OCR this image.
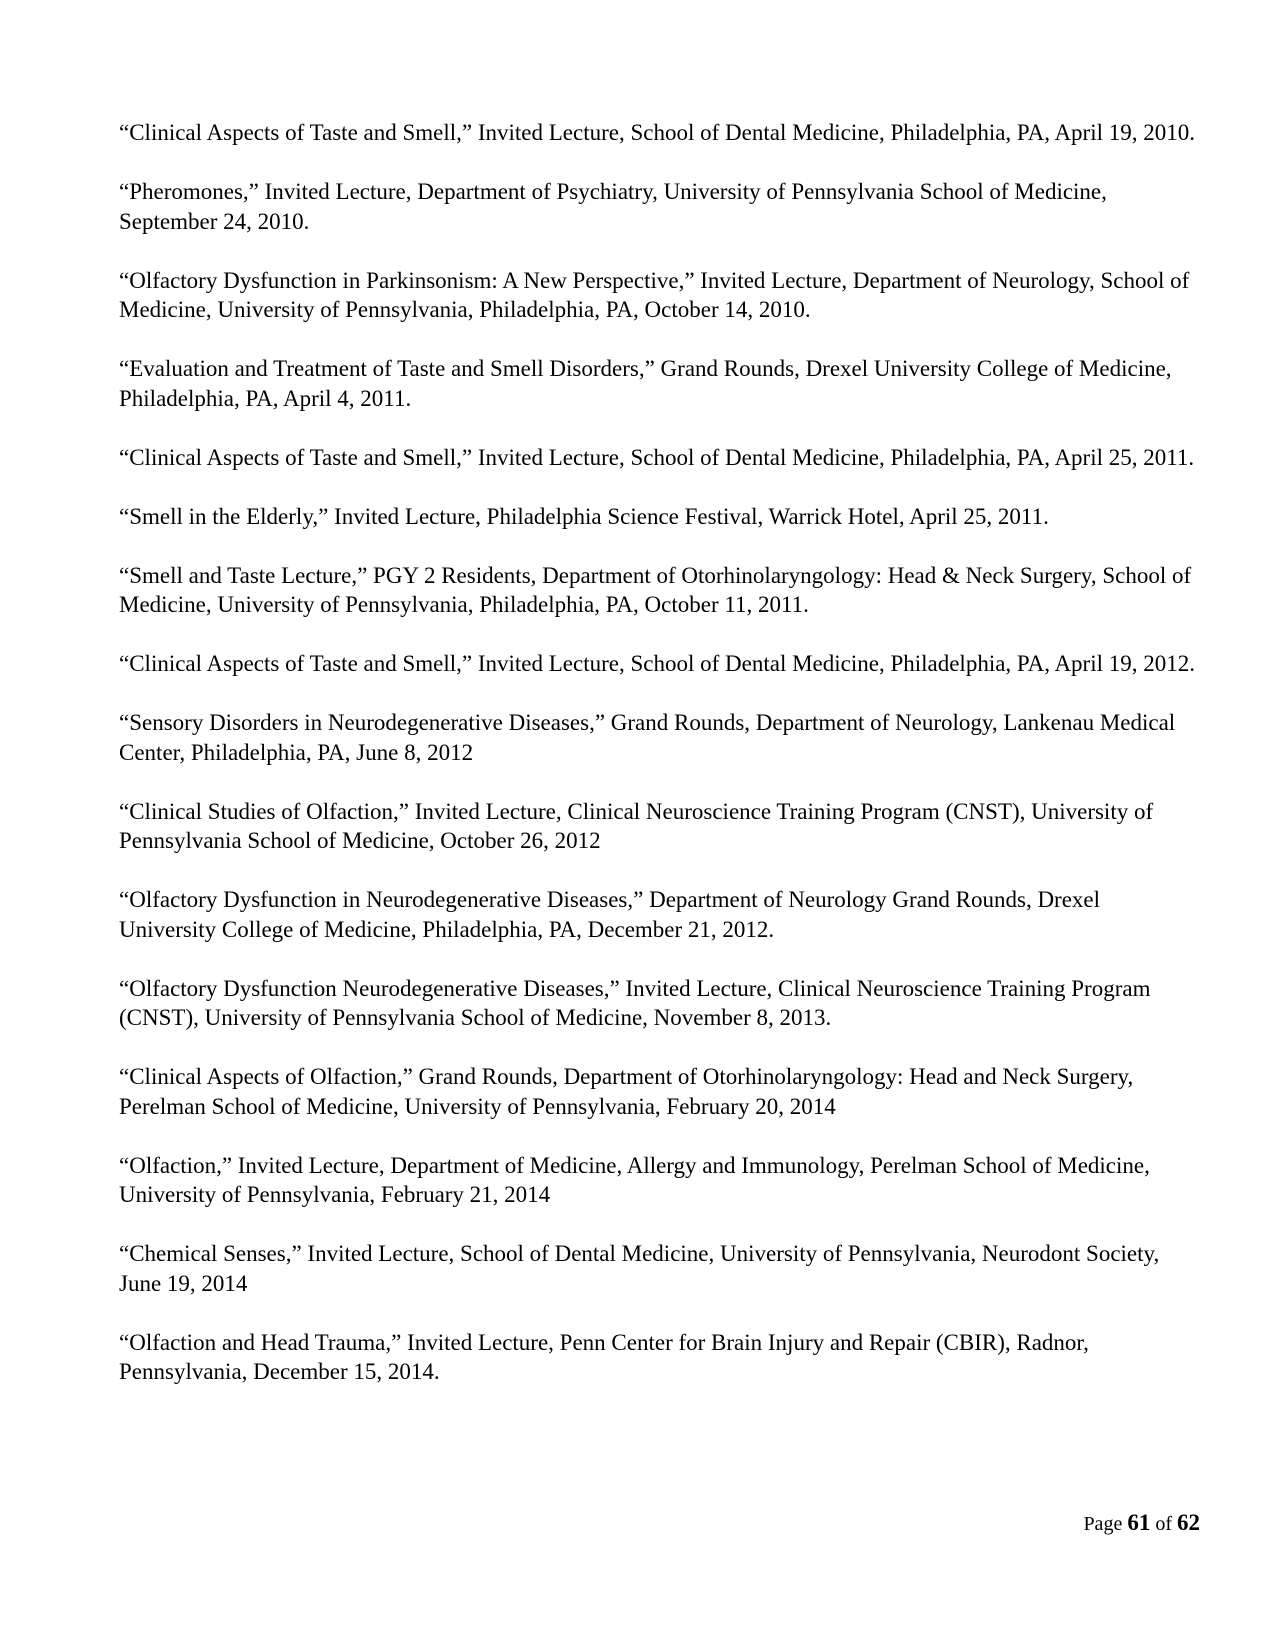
“Clinical Aspects of Taste and Smell,” Invited Lecture, School of Dental Medicine, Philadelphia, PA, April 19, 2010.

“Pheromones,” Invited Lecture, Department of Psychiatry, University of Pennsylvania School of Medicine, September 24, 2010.

“Olfactory Dysfunction in Parkinsonism: A New Perspective,” Invited Lecture, Department of Neurology, School of Medicine, University of Pennsylvania, Philadelphia, PA, October 14, 2010.

“Evaluation and Treatment of Taste and Smell Disorders,” Grand Rounds, Drexel University College of Medicine, Philadelphia, PA, April 4, 2011.

“Clinical Aspects of Taste and Smell,” Invited Lecture, School of Dental Medicine, Philadelphia, PA, April 25, 2011.

“Smell in the Elderly,” Invited Lecture, Philadelphia Science Festival, Warrick Hotel, April 25, 2011.

“Smell and Taste Lecture,” PGY 2 Residents, Department of Otorhinolaryngology: Head & Neck Surgery, School of Medicine, University of Pennsylvania, Philadelphia, PA, October 11, 2011.

“Clinical Aspects of Taste and Smell,” Invited Lecture, School of Dental Medicine, Philadelphia, PA, April 19, 2012.

“Sensory Disorders in Neurodegenerative Diseases,” Grand Rounds, Department of Neurology, Lankenau Medical Center, Philadelphia, PA, June 8, 2012

“Clinical Studies of Olfaction,” Invited Lecture, Clinical Neuroscience Training Program (CNST), University of Pennsylvania School of Medicine, October 26, 2012

“Olfactory Dysfunction in Neurodegenerative Diseases,” Department of Neurology Grand Rounds, Drexel University College of Medicine, Philadelphia, PA, December 21, 2012.

“Olfactory Dysfunction Neurodegenerative Diseases,” Invited Lecture, Clinical Neuroscience Training Program (CNST), University of Pennsylvania School of Medicine, November 8, 2013.

“Clinical Aspects of Olfaction,” Grand Rounds, Department of Otorhinolaryngology: Head and Neck Surgery, Perelman School of Medicine, University of Pennsylvania, February 20, 2014

“Olfaction,” Invited Lecture, Department of Medicine, Allergy and Immunology, Perelman School of Medicine, University of Pennsylvania, February 21, 2014

“Chemical Senses,” Invited Lecture, School of Dental Medicine, University of Pennsylvania, Neurodont Society, June 19, 2014

“Olfaction and Head Trauma,” Invited Lecture, Penn Center for Brain Injury and Repair (CBIR), Radnor, Pennsylvania, December 15, 2014.

Page 61 of 62
